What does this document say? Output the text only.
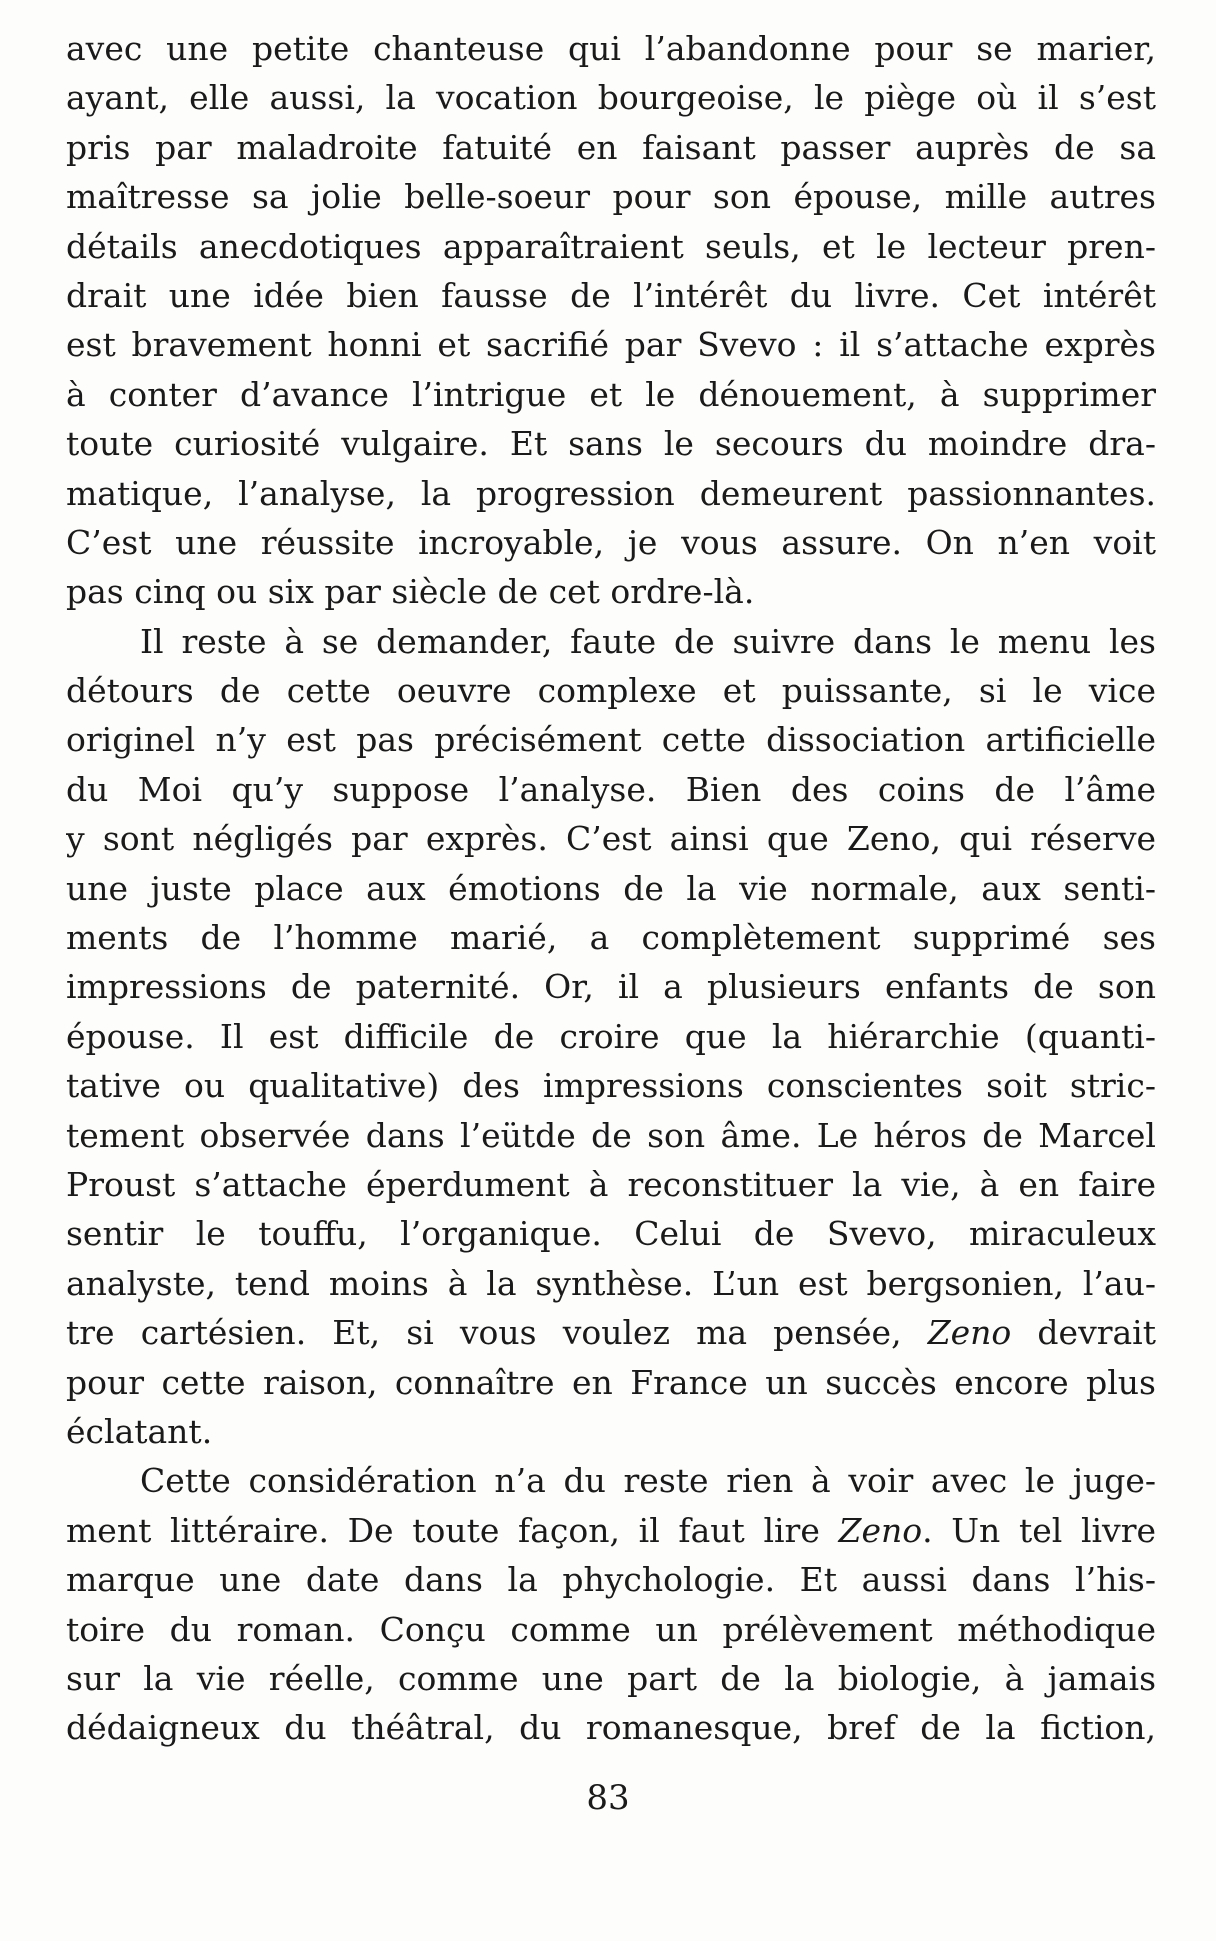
avec une petite chanteuse qui l’abandonne pour se marier,
ayant, elle aussi, la vocation bourgeoise, le piège où il s’est
pris par maladroite fatuité en faisant passer auprès de sa
maîtresse sa jolie belle-soeur pour son épouse, mille autres
détails anecdotiques apparaîtraient seuls, et le lecteur pren-
drait une idée bien fausse de l’intérêt du livre. Cet intérêt
est bravement honni et sacrifié par Svevo : il s’attache exprès
à conter d’avance l’intrigue et le dénouement, à supprimer
toute curiosité vulgaire. Et sans le secours du moindre dra-
matique, l’analyse, la progression demeurent passionnantes.
C’est une réussite incroyable, je vous assure. On n’en voit
pas cinq ou six par siècle de cet ordre-là.
Il reste à se demander, faute de suivre dans le menu les
détours de cette oeuvre complexe et puissante, si le vice
originel n’y est pas précisément cette dissociation artificielle
du Moi qu’y suppose l’analyse. Bien des coins de l’âme
y sont négligés par exprès. C’est ainsi que Zeno, qui réserve
une juste place aux émotions de la vie normale, aux senti-
ments de l’homme marié, a complètement supprimé ses
impressions de paternité. Or, il a plusieurs enfants de son
épouse. Il est difficile de croire que la hiérarchie (quanti-
tative ou qualitative) des impressions conscientes soit stric-
tement observée dans l’eütde de son âme. Le héros de Marcel
Proust s’attache éperdument à reconstituer la vie, à en faire
sentir le touffu, l’organique. Celui de Svevo, miraculeux
analyste, tend moins à la synthèse. L’un est bergsonien, l’au-
tre cartésien. Et, si vous voulez ma pensée, Zeno devrait
pour cette raison, connaître en France un succès encore plus
éclatant.
Cette considération n’a du reste rien à voir avec le juge-
ment littéraire. De toute façon, il faut lire Zeno. Un tel livre
marque une date dans la phychologie. Et aussi dans l’his-
toire du roman. Conçu comme un prélèvement méthodique
sur la vie réelle, comme une part de la biologie, à jamais
dédaigneux du théâtral, du romanesque, bref de la fiction,
83
